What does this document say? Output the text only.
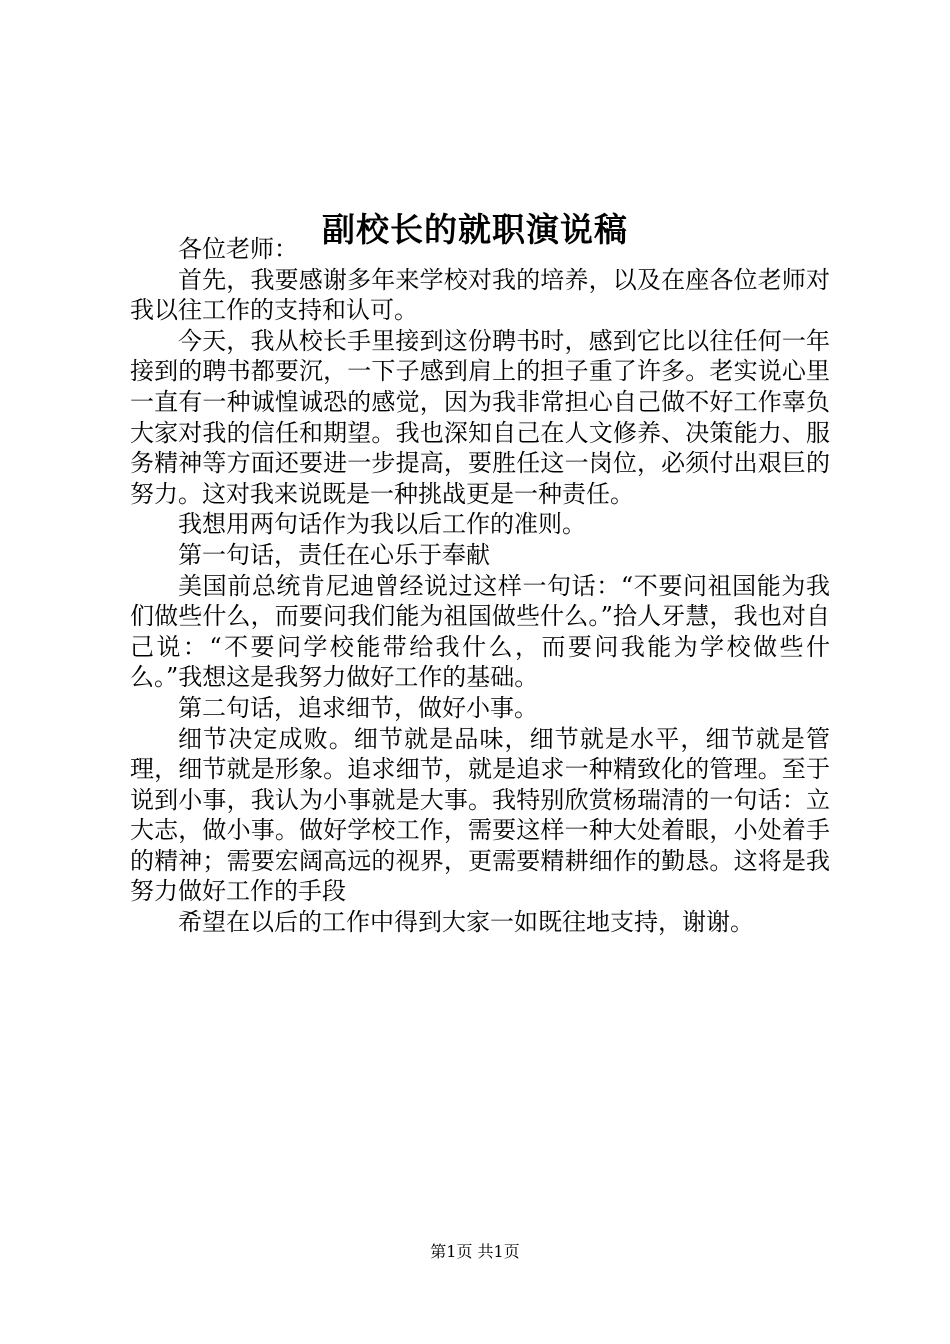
副校长的就职演说稿

各位老师：

首先，我要感谢多年来学校对我的培养，以及在座各位老师对我以往工作的支持和认可。

今天，我从校长手里接到这份聘书时，感到它比以往任何一年接到的聘书都要沉，一下子感到肩上的担子重了许多。老实说心里一直有一种诚惶诚恐的感觉，因为我非常担心自己做不好工作辜负大家对我的信任和期望。我也深知自己在人文修养、决策能力、服务精神等方面还要进一步提高，要胜任这一岗位，必须付出艰巨的努力。这对我来说既是一种挑战更是一种责任。

我想用两句话作为我以后工作的准则。

第一句话，责任在心乐于奉献

美国前总统肯尼迪曾经说过这样一句话：“不要问祖国能为我们做些什么，而要问我们能为祖国做些什么。”拾人牙慧，我也对自己说：“不要问学校能带给我什么，而要问我能为学校做些什么。”我想这是我努力做好工作的基础。

第二句话，追求细节，做好小事。

细节决定成败。细节就是品味，细节就是水平，细节就是管理，细节就是形象。追求细节，就是追求一种精致化的管理。至于说到小事，我认为小事就是大事。我特别欣赏杨瑞清的一句话：立大志，做小事。做好学校工作，需要这样一种大处着眼，小处着手的精神；需要宏阔高远的视界，更需要精耕细作的勤恳。这将是我努力做好工作的手段

希望在以后的工作中得到大家一如既往地支持，谢谢。

第1页 共1页
